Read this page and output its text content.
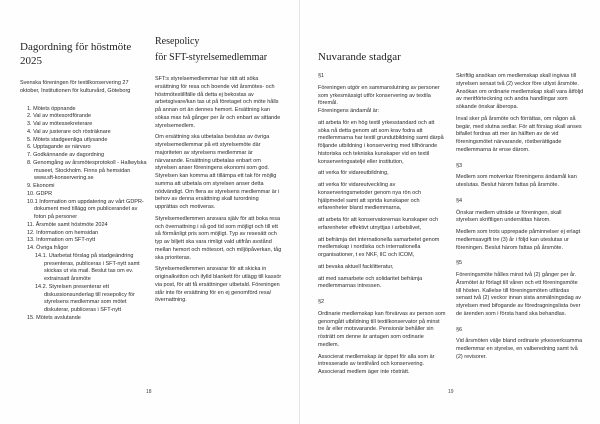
Dagordning för höstmöte 2025

Svenska föreningen för textilkonservering 27 oktober, Institutionen för kulturvård, Göteborg

1. Mötets öppnande
2. Val av mötesordförande
3. Val av mötessekreterare
4. Val av justerare och rösträknare
5. Mötets stadgeenliga utlysande
6. Upptagande av närvaro
7. Godkännande av dagordning
8. Genomgång av årsmötesprotokoll - Hallwylska museet, Stockholm. Finns på hemsidan www.sft-konservering.se
9. Ekonomi
10. GDPR
10.1 Information om uppdatering av vårt GDPR-dokument med tillägg om publicerandet av foton på personer
11. Årsmöte samt höstmöte 2024
12. Information om hemsidan
13. Information om SFT-nytt
14. Övriga frågor
14.1. Utarbetat förslag på stadgeändring presenteras, publiceras i SFT-nytt samt skickas ut via mail. Beslut tas om ev. extrainsatt årsmöte
14.2. Styrelsen presenterar ett diskussionsunderlag till resepolicy för styrelsens medlemmar som mötet diskuterar, publiceras i SFT-nytt
15. Mötets avslutande
Resepolicy
för SFT-styrelsemedlemmar

SFT:s styrelsemedlemmar har rätt att söka ersättning för resa och boende vid årsmötes- och höstmötestillfälle då detta ej bekostas av arbetsgivare/kan tas ut på företaget och möte hålls på annan ort än dennes hemort. Ersättning kan sökas max två gånger per år och enbart av sittande styrelsemedlem.

Om ersättning ska utbetalas beslutas av övriga styrelsemedlemmar på ett styrelsemöte där majoriteten av styrelsens medlemmar är närvarande. Ersättning utbetalas enbart om styrelsen anser föreningens ekonomi som god. Styrelsen kan komma att tillämpa ett tak för möjlig summa att utbetala om styrelsen anser detta nödvändigt. Om flera av styrelsens medlemmar är i behov av denna ersättning skall turordning upprättas och motiveras.

Styrelsemedlemmen ansvara själv för att boka resa och övernattning i så god tid som möjligt och till ett så förmånligt pris som möjligt. Typ av resesätt och typ av biljett ska vara rimligt vald utifrån avstånd mellan hemort och mötesort, och miljöpåverkan, tåg ska prioriteras.

Styrelsemedlemmen ansvarar för att skicka in originalkvitton och ifylld blankett för utlägg till kassör via post, för att få ersättninger utbetald. Föreningen står inte för ersättning för en ej genomförd resa/övernattning.

18
Nuvarande stadgar

§1

Föreningen utgör en sammanslutning av personer som yrkesmässigt utför konservering av textila föremål.
Föreningens ändamål är:

att arbeta för en hög textil yrkesstandard och att söka nå detta genom att som krav fodra att medlemmarna har textil grundutbildning samt därpå följande utbildning i konservering med tillhörande historiska och tekniska kunskaper vid en textil konserveringsateljé eller institution,

att verka för vidareutbildning,

att verka för vidareutveckling av konserveringsmetoder genom nya rön och hjälpmedel samt att sprida kunskaper och erfarenheter bland medlemmarna,

att arbeta för att konservatorernas kunskaper och erfarenheter effektivt utnyttjas i arbetslivet,

att befrämja det internationella samarbetet genom medlemskap i nordiska och internationella organisationer, t ex NKF, IIC och ICOM,

att bevaka aktuell facklitteratur,

att med samarbete och solidaritet befrämja medlemmarnas intressen.

§2

Ordinarie medlemskap kan förvärvas av person som genomgått utbildning till textilkonservator på minst tre år eller motsvarande. Pensionär behåller sin rösträtt om denne är antagen som ordinarie medlem.

Associerat medlemskap är öppet för alla som är intresserade av textilvård och konservering. Associerad medlem äger inte rösträtt.

Skriftlig ansökan om medlemskap skall ingivas till styrelsen senast två (2) veckor före utlyst årsmöte. Ansökan om ordinarie medlemskap skall vara åtföljd av meritförteckning och andra handlingar som sökande önskar åberopa.

Inval sker på årsmöte och förrättas, om någon så begär, med slutna sedlar. För att försiag skall anses bifallet fordras att mer än hälften av de vid föreningsmötet närvarande, röstberättigade medlemmarna är ense därom.

§3

Medlem som motverkar föreningens ändamål kan uteslutas. Beslut härom fattas på årsmöte.

§4

Önskar medlem utträde ur föreningen, skall styrelsen skriftligen underrättas härom.

Medlem som trots upprepade påminnelser ej erlagt medlemsavgift tre (3) år i följd kan uteslutas ur föreningen. Beslut härom fattas på årsmöte.

§5

Föreningsmöte hålles minst två (2) gånger per år. Årsmötet är förlagt till våren och ett föreningsmöte till hösten. Kallelse till föreningsmöten utfärdas senast två (2) veckor innan sista anmälningsdag av styrelsen med bifogande av föredragningslista över de ärenden som i första hand ska behandlas.

§6

Vid årsmöten välje bland ordinarie yrkesverksamma medlemmar en styrelse, en valberedning samt två (2) revisorer.

19
